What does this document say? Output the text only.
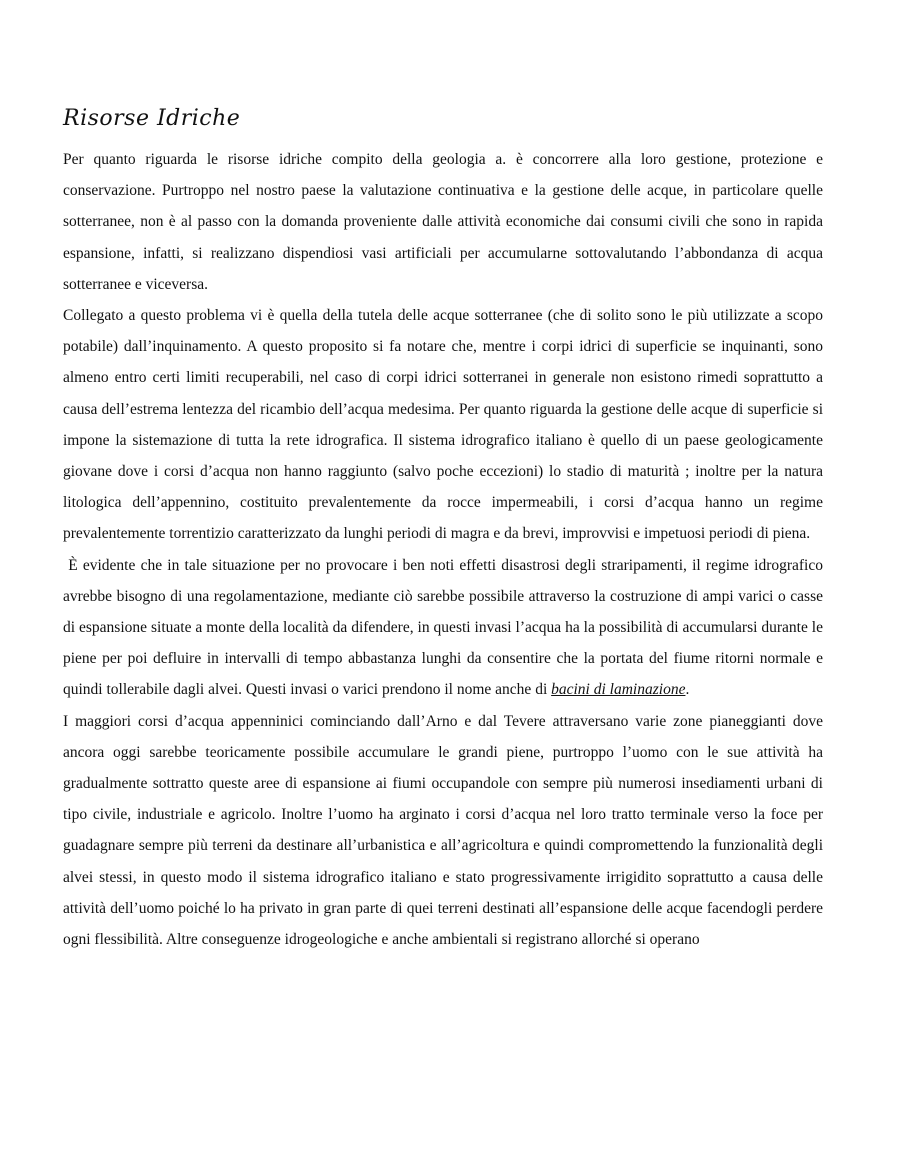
Risorse Idriche

Per quanto riguarda le risorse idriche compito della geologia a. è concorrere alla loro gestione, protezione e conservazione. Purtroppo nel nostro paese la valutazione continuativa e la gestione delle acque, in particolare quelle sotterranee, non è al passo con la domanda proveniente dalle attività economiche dai consumi civili che sono in rapida espansione, infatti, si realizzano dispendiosi vasi artificiali per accumularne sottovalutando l’abbondanza di acqua sotterranee e viceversa.

Collegato a questo problema vi è quella della tutela delle acque sotterranee (che di solito sono le più utilizzate a scopo potabile) dall’inquinamento. A questo proposito si fa notare che, mentre i corpi idrici di superficie se inquinanti, sono almeno entro certi limiti recuperabili, nel caso di corpi idrici sotterranei in generale non esistono rimedi soprattutto a causa dell’estrema lentezza del ricambio dell’acqua medesima. Per quanto riguarda la gestione delle acque di superficie si impone la sistemazione di tutta la rete idrografica. Il sistema idrografico italiano è quello di un paese geologicamente giovane dove i corsi d’acqua non hanno raggiunto (salvo poche eccezioni) lo stadio di maturità ; inoltre per la natura litologica dell’appennino, costituito prevalentemente da rocce impermeabili, i corsi d’acqua hanno un regime prevalentemente torrentizio caratterizzato da lunghi periodi di magra e da brevi, improvvisi e impetuosi periodi di piena.

È evidente che in tale situazione per no provocare i ben noti effetti disastrosi degli straripamenti, il regime idrografico avrebbe bisogno di una regolamentazione, mediante ciò sarebbe possibile attraverso la costruzione di ampi varici o casse di espansione situate a monte della località da difendere, in questi invasi l’acqua ha la possibilità di accumularsi durante le piene per poi defluire in intervalli di tempo abbastanza lunghi da consentire che la portata del fiume ritorni normale e quindi tollerabile dagli alvei. Questi invasi o varici prendono il nome anche di bacini di laminazione.

I maggiori corsi d’acqua appenninici cominciando dall’Arno e dal Tevere attraversano varie zone pianeggianti dove ancora oggi sarebbe teoricamente possibile accumulare le grandi piene, purtroppo l’uomo con le sue attività ha gradualmente sottratto queste aree di espansione ai fiumi occupandole con sempre più numerosi insediamenti urbani di tipo civile, industriale e agricolo. Inoltre l’uomo ha arginato i corsi d’acqua nel loro tratto terminale verso la foce per guadagnare sempre più terreni da destinare all’urbanistica e all’agricoltura e quindi compromettendo la funzionalità degli alvei stessi, in questo modo il sistema idrografico italiano e stato progressivamente irrigidito soprattutto a causa delle attività dell’uomo poiché lo ha privato in gran parte di quei terreni destinati all’espansione delle acque facendogli perdere ogni flessibilità. Altre conseguenze idrogeologiche e anche ambientali si registrano allorché si operano
